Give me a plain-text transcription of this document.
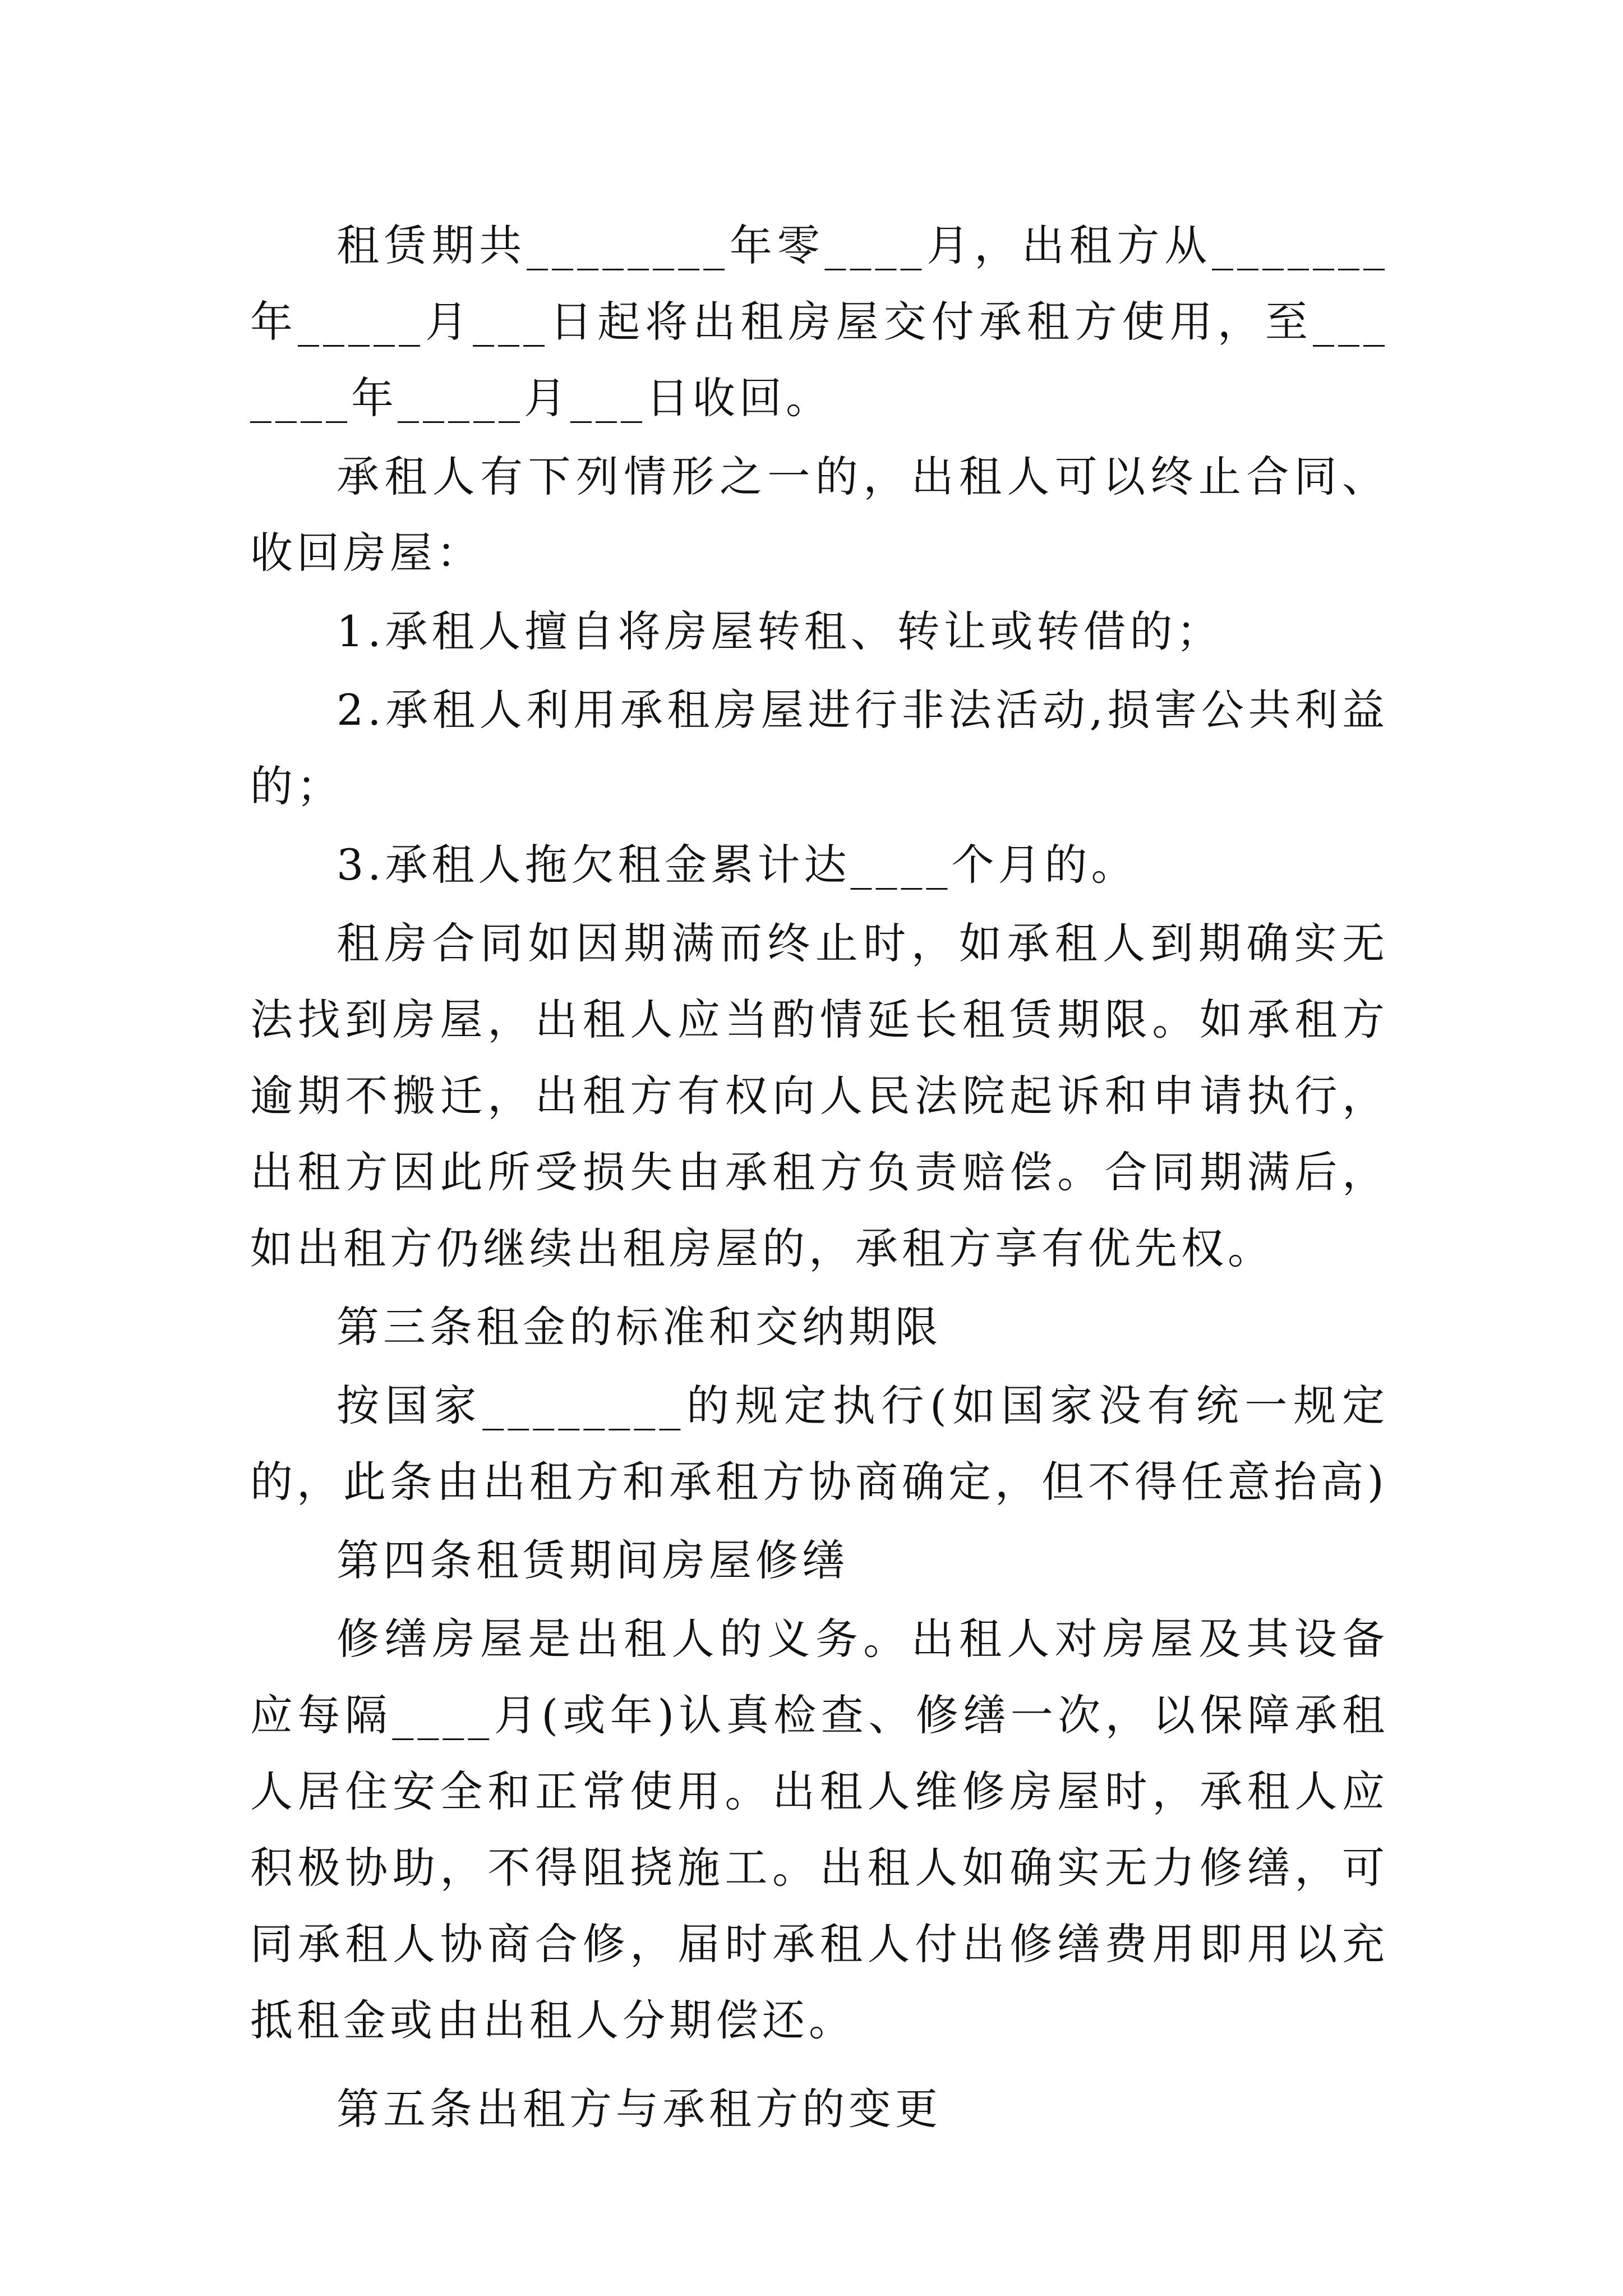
租赁期共________年零____月，出租方从_______年_____月___日起将出租房屋交付承租方使用，至_______年_____月___日收回。

承租人有下列情形之一的，出租人可以终止合同、收回房屋：

1.承租人擅自将房屋转租、转让或转借的；

2.承租人利用承租房屋进行非法活动,损害公共利益的；

3.承租人拖欠租金累计达____个月的。

租房合同如因期满而终止时，如承租人到期确实无法找到房屋，出租人应当酌情延长租赁期限。如承租方逾期不搬迁，出租方有权向人民法院起诉和申请执行，出租方因此所受损失由承租方负责赔偿。合同期满后，如出租方仍继续出租房屋的，承租方享有优先权。

第三条租金的标准和交纳期限

按国家________的规定执行(如国家没有统一规定的，此条由出租方和承租方协商确定，但不得任意抬高)

第四条租赁期间房屋修缮

修缮房屋是出租人的义务。出租人对房屋及其设备应每隔____月(或年)认真检查、修缮一次，以保障承租人居住安全和正常使用。出租人维修房屋时，承租人应积极协助，不得阻挠施工。出租人如确实无力修缮，可同承租人协商合修，届时承租人付出修缮费用即用以充抵租金或由出租人分期偿还。

第五条出租方与承租方的变更
